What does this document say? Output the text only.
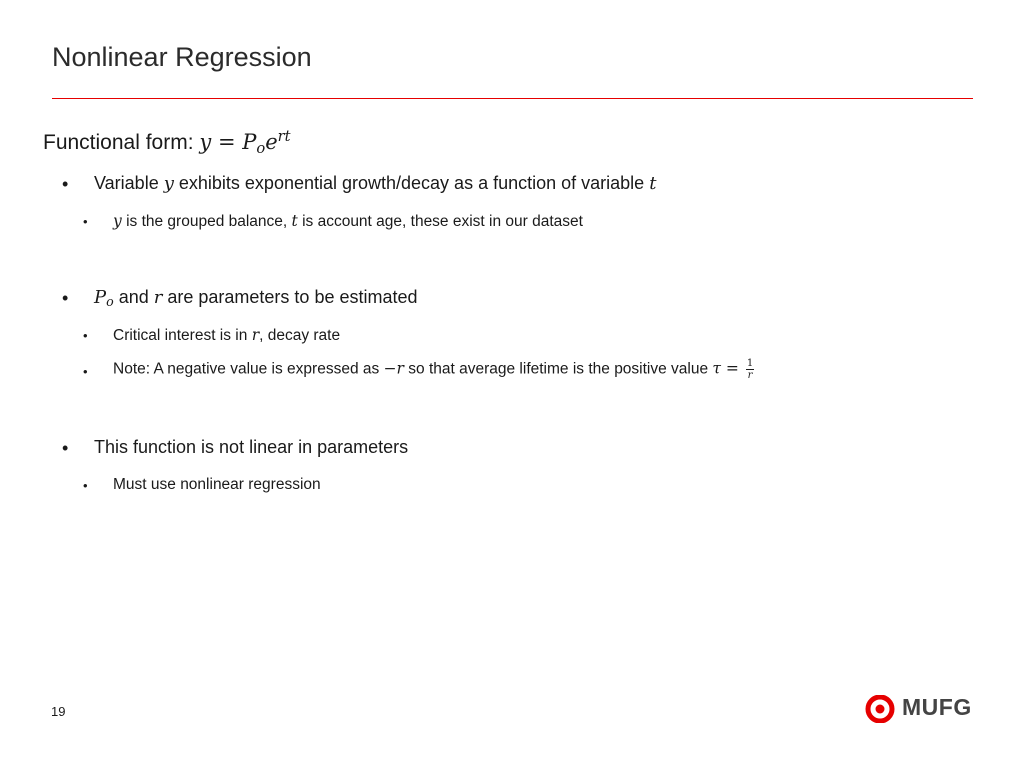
Nonlinear Regression
Functional form: $y = P_oe^{rt}$
• Variable y exhibits exponential growth/decay as a function of variable t
• y is the grouped balance, t is account age, these exist in our dataset
• $P_o$ and r are parameters to be estimated
• Critical interest is in r, decay rate
• Note: A negative value is expressed as −r so that average lifetime is the positive value $\tau = \frac{1}{r}$
• This function is not linear in parameters
• Must use nonlinear regression
19	MUFG
